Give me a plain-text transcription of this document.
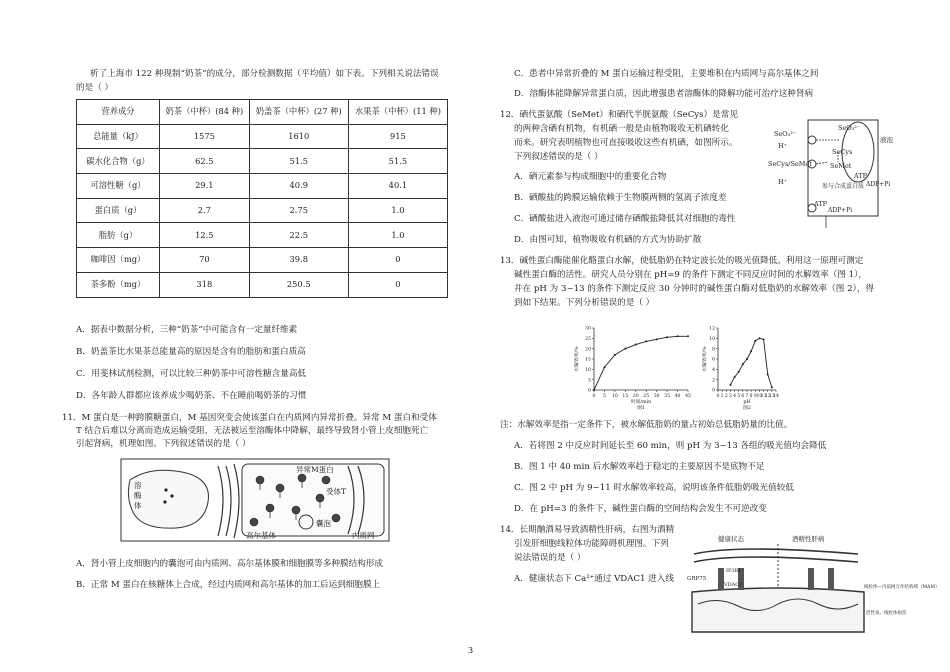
析了上海市 122 种现制“奶茶”的成分，部分检测数据（平均值）如下表。下列相关说法错误
的是（ ）
营养成分	奶茶（中杯）(84 种)	奶盖茶（中杯）(27 种)	水果茶（中杯）(11 种)
总能量（kJ）	1575	1610	915
碳水化合物（g）	62.5	51.5	51.5
可溶性糖（g）	29.1	40.9	40.1
蛋白质（g）	2.7	2.75	1.0
脂肪（g）	12.5	22.5	1.0
咖啡因（mg）	70	39.8	0
茶多酚（mg）	318	250.5	0
A．据表中数据分析，三种“奶茶”中可能含有一定量纤维素
B．奶盖茶比水果茶总能量高的原因是含有的脂肪和蛋白质高
C．用斐林试剂检测，可以比较三种奶茶中可溶性糖含量高低
D．各年龄人群都应该养成少喝奶茶、不在睡前喝奶茶的习惯
11．M 蛋白是一种跨膜糖蛋白，M 基因突变会使该蛋白在内质网内异常折叠。异常 M 蛋白和受体
T 结合后难以分离而造成运输受阻，无法被运至溶酶体中降解，最终导致肾小管上皮细胞死亡
引起肾病，机理如图。下列叙述错误的是（ ）
异常M蛋白
受体T
囊泡
溶
酶
体
高尔基体	内质网
A．肾小管上皮细胞内的囊泡可由内质网、高尔基体膜和细胞膜等多种膜结构形成
B．正常 M 蛋白在核糖体上合成，经过内质网和高尔基体的加工后运到细胞膜上
C．患者中异常折叠的 M 蛋白运输过程受阻，主要堆积在内质网与高尔基体之间
D．溶酶体能降解异常蛋白质，因此增强患者溶酶体的降解功能可治疗这种肾病
12．硒代蛋氨酸（SeMet）和硒代半胱氨酸（SeCys）是常见
的两种含硒有机物，有机硒一般是由植物吸收无机硒转化
而来。研究表明植物也可直接吸收这些有机硒，如图所示。
下列叙述错误的是（ ）
A．硒元素参与构成细胞中的重要化合物
B．硒酸盐的跨膜运输依赖于生物膜两侧的氢离子浓度差
C．硒酸盐进入液泡可通过储存硒酸盐降低其对细胞的毒性
D．由图可知，植物吸收有机硒的方式为协助扩散
SeO₃²⁻
SeO₃²⁻
SeCys/SeMet
SeCys
SeMet
液泡
H⁺
H⁺
ATP
ADP+Pi
参与合成蛋白质
ATP
ADP+Pi
13．碱性蛋白酶能催化酪蛋白水解，使低脂奶在特定波长处的吸光值降低。利用这一原理可测定
碱性蛋白酶的活性。研究人员分别在 pH=9 的条件下测定不同反应时间的水解效率（图 1），
并在 pH 为 3~13 的条件下测定反应 30 分钟时的碱性蛋白酶对低脂奶的水解效率（图 2），得
到如下结果。下列分析错误的是（ ）
0 5 10 15 20 25 30 35 40 45
0
5
10
15
20
25
30
时间/min
水解效率/%
图1
0 1 2 3 4 5 6 7 8 9 10
11
12
13
14
0
2
4
6
8
10
12
pH
水解效率/%
图2
注：水解效率是指一定条件下，被水解低脂奶的量占初始总低脂奶量的比值。
A．若将图 2 中反应时间延长至 60 min，则 pH 为 3~13 各组的吸光值均会降低
B．图 1 中 40 min 后水解效率趋于稳定的主要原因不是底物不足
C．图 2 中 pH 为 9~11 时水解效率较高，说明该条件低脂奶吸光值较低
D．在 pH=3 的条件下，碱性蛋白酶的空间结构会发生不可逆改变
14．长期酗酒易导致酒精性肝病，右图为酒精
引发肝细胞线粒体功能障碍机理图。下列
说法错误的是（ ）
A．健康状态下 Ca²⁺通过 VDAC1 进入线
健康状态	酒精性肝病
GRP75
IP3R1
VDAC1	线粒体—内质网互作结构域（MAM）
活性氧、线粒体损伤
3
